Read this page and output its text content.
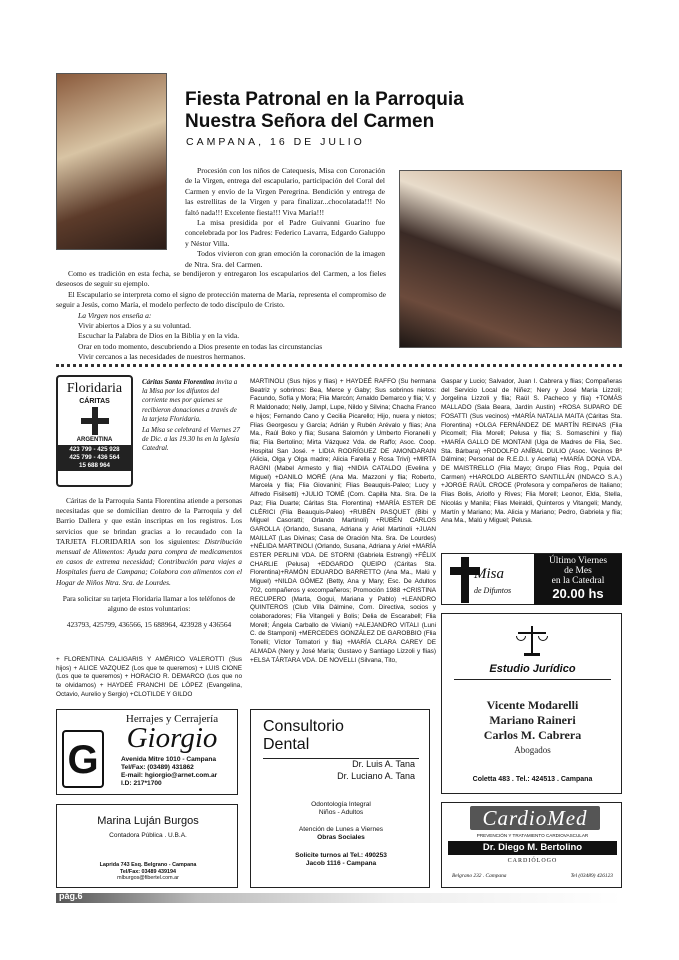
Fiesta Patronal en la Parroquia
Nuestra Señora del Carmen
CAMPANA, 16 DE JULIO

Procesión con los niños de Catequesis, Misa con Coronación de la Virgen, entrega del escapulario, participación del Coral del Carmen y envío de la Virgen Peregrina. Bendición y entrega de las estrellitas de la Virgen y para finalizar...chocolatada!!! No faltó nada!!! Excelente fiesta!!! Viva María!!!

La misa presidida por el Padre Guivanni Guarino fue concelebrada por los Padres: Federico Lavarra, Edgardo Galuppo y Néstor Villa.

Todos vivieron con gran emoción la coronación de la imagen de Ntra. Sra. del Carmen.

Como es tradición en esta fecha, se bendijeron y entregaron los escapularios del Carmen, a los fieles deseosos de seguir su ejemplo.

El Escapulario se interpreta como el signo de protección materna de María, representa el compromiso de seguir a Jesús, como María, el modelo perfecto de todo discípulo de Cristo.

La Virgen nos enseña a:

Vivir abiertos a Dios y a su voluntad.

Escuchar la Palabra de Dios en la Biblia y en la vida.

Orar en todo momento, descubriendo a Dios presente en todas las circunstancias

Vivir cercanos a las necesidades de nuestros hermanos.

Floridaria
CÁRITAS
ARGENTINA
423 799 - 425 928
425 799 - 436 564
15 688 964
Cáritas Santa Florentina invita a la Misa por los difuntos del corriente mes por quienes se recibieron donaciones a través de la tarjeta Floridaria.
La Misa se celebrará el Viernes 27 de Dic. a las 19.30 hs en la Iglesia Catedral.

Cáritas de la Parroquia Santa Florentina atiende a personas necesitadas que se domicilian dentro de la Parroquia y del Barrio Dallera y que están inscriptas en los registros. Los servicios que se brindan gracias a lo recaudado con la TARJETA FLORIDARIA son los siguientes: Distribución mensual de Alimentos: Ayuda para compra de medicamentos en casos de extrema necesidad; Contribución para viajes a Hospitales fuera de Campana; Colabora con alimentos con el Hogar de Niños Ntra. Sra. de Lourdes.

Para solicitar su tarjeta Floridaria llamar a los teléfonos de alguno de estos voluntarios:

423793, 425799, 436566, 15 688964, 423928 y 436564

+ FLORENTINA CALIGARIS Y AMÉRICO VALEROTTI (Sus hijos) + ALICE VAZQUEZ (Los que te queremos) + LUIS CIONE (Los que te queremos) + HORACIO R. DEMARCO (Los que no te olvidamos) + HAYDEÉ FRANCHI DE LÓPEZ (Evangelina, Octavio, Aurelio y Sergio) +CLOTILDE Y GILDO
MARTINOLI (Sus hijos y flias) + HAYDEÉ RAFFO (Su hermana Beatriz y sobrinos: Bea, Merce y Gaby; Sus sobrinos nietos: Facundo, Sofía y Mora; Flia Marcón; Arnaldo Demarco y flia; V. y R Maldonado; Nelly, Jampl, Lupe, Nildo y Silvina; Chacha Franco e hijos; Fernando Cano y Cecilia Picarello; Hijo, nuera y nietos; Flias Georgescu y García; Adrián y Rubén Arévalo y flias; Ana Ma., Raúl Boko y flia; Susana Salomón y Umberto Fioranelli y flia; Flia Bertolino; Mirta Vázquez Vda. de Raffo; Asoc. Coop. Hospital San José. + LIDIA RODRÍGUEZ DE AMONDARAIN (Alicia, Olga y Olga madre; Alicia Farella y Rosa Trivi) +MIRTA RAGNI (Mabel Armesto y flia) +NIDIA CATALDO (Evelina y Miguel) +DANILO MORÉ (Ana Ma. Mazzoni y flia; Roberto, Marcela y flia; Flia Giovanini; Flias Beauquis-Paleo; Lucy y Alfredo Fisilsetti) +JULIO TOMÉ (Com. Capilla Nta. Sra. De la Paz; Flia Duarte; Cáritas Sta. Florentina) +MARÍA ESTER DE CLÉRICI (Flia Beauquis-Paleo) +RUBÉN PASQUET (Bibi y Miguel Casoratti; Orlando Martinoli) +RUBÉN CARLOS GAROLLA (Orlando, Susana, Adriana y Ariel Martinoli +JUAN MAILLAT (Las Divinas; Casa de Oración Nta. Sra. De Lourdes) +NÉLIDA MARTINOLI (Orlando, Susana, Adriana y Ariel +MARÍA ESTER PERLINI VDA. DE STORNI (Gabriela Estrengi) +FÉLIX CHARLIE (Pelusa) +EDGARDO QUEIPO (Cáritas Sta. Florentina)+RAMÓN EDUARDO BARRETTO (Ana Ma., Malú y Miguel) +NILDA GÓMEZ (Betty, Ana y Mary; Esc. De Adultos 702, compañeros y excompañeros; Promoción 1988 +CRISTINA RECUPERO (Marta, Gogui, Mariana y Pablo) +LEANDRO QUINTEROS (Club Villa Dálmine, Com. Directiva, socios y colaboradores; Flia Vitangeli y Bolis; Delia de Escarabell; Flia Morell; Ángela Carballo de Viviani) +ALEJANDRO VITALI (Luni C. de Stamponi) +MERCEDES GONZÁLEZ DE GAROBBIO (Flia Tonelli; Víctor Tomatori y flia) +MARÍA CLARA CAREY DE ALMADA (Nery y José María; Gustavo y Santiago Lizzoli y flias) +ELSA TÁRTARA VDA. DE NOVELLI (Silvana, Tito,
Gaspar y Lucio; Salvador, Juan I. Cabrera y flias; Compañeras del Servicio Local de Niñez; Nery y José María Lizzoli; Jorgelina Lizzoli y flia; Raúl S. Pacheco y flia) +TOMÁS MALLADO (Sala Beara, Jardín Austin) +ROSA SUPARO DE FOSATTI (Sus vecinos) +MARÍA NATALIA MAITA (Cáritas Sta. Florentina) +OLGA FERNÁNDEZ DE MARTÍN REINAS (Flia Picomell; Flia Morell; Pelusa y flia; S. Somaschini y flia) +MARÍA GALLO DE MONTANI (Uga de Madres de Flia, Sec. Sta. Bárbara) +RODOLFO ANÍBAL DULIO (Asoc. Vecinos Bº Dálmine; Personal de R.E.D.I. y Acerla) +MARÍA DONA VDA. DE MAISTRELLO (Flia Mayo; Grupo Flias Rog., Pquia del Carmen) +HAROLDO ALBERTO SANTILLÁN (INDACO S.A.) +JORGE RAÚL CROCE (Profesora y compañeros de Italiano; Flias Bolis, Ariolfo y Rives; Flia Morell; Leonor, Elda, Stella, Nicolás y Manila; Flias Meiraldi, Quinteros y Vitangeli; Mandy, Martín y Mariano; Ma. Alicia y Mariano; Pedro, Gabriela y flia; Ana Ma., Malú y Miguel; Pelusa.
Misa
de Difuntos
Último Viernes
de Mes
en la Catedral
20.00 hs
Estudio Jurídico
Vicente Modarelli
Mariano Raineri
Carlos M. Cabrera
Abogados
Coletta 483 . Tel.: 424513 . Campana
G
Herrajes y Cerrajería
Giorgio
Avenida Mitre 1010 - Campana
Tel/Fax: (03489) 431862
E-mail: hgiorgio@arnet.com.ar
I.D: 217*1700
Consultorio
Dental
Dr. Luis A. Tana
Dr. Luciano A. Tana
Odontología Integral
Niños - Adultos
Atención de Lunes a Viernes
Obras Sociales
Solicite turnos al Tel.: 490253
Jacob 1116 - Campana
Marina Luján Burgos
Contadora Pública . U.B.A.
Laprida 743 Esq. Belgrano - Campana
Tel/Fax: 03489 439194
mlburgos@fibertel.com.ar
CardioMed
PREVENCIÓN Y TRATAMIENTO CARDIOVASCULAR
Dr. Diego M. Bertolino
CARDIÓLOGO
Belgrano 232 . Campana	Tel (03489) 426123
pág.6
